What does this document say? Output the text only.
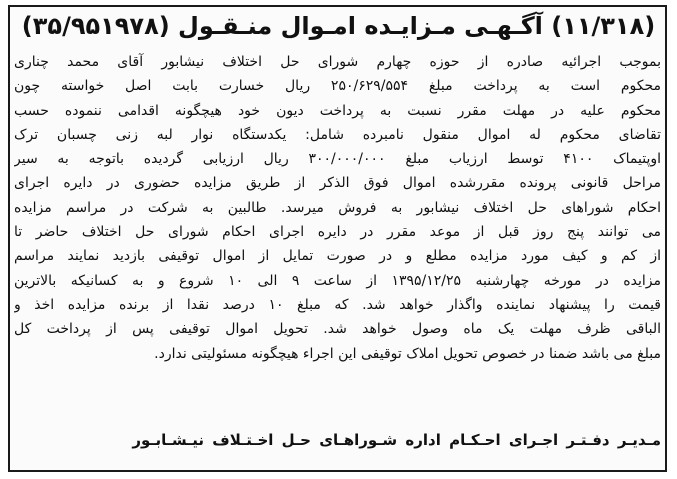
(۱۱/۳۱۸) آگـهـی مـزایـده امـوال منـقـول (۳۵/۹۵۱۹۷۸)
بموجب اجرائیه صادره از حوزه چهارم شورای حل اختلاف نیشابور آقای محمد چناری
محکوم است به پرداخت مبلغ ۲۵۰/۶۲۹/۵۵۴ ریال خسارت بابت اصل خواسته چون
محکوم علیه در مهلت مقرر نسبت به پرداخت دیون خود هیچگونه اقدامی ننموده حسب
تقاضای محکوم له اموال منقول نامبرده شامل: یکدستگاه نوار لبه زنی چسبان ترک
اوپتیماک ۴۱۰۰ توسط ارزیاب مبلغ ۳۰۰/۰۰۰/۰۰۰ ریال ارزیابی گردیده باتوجه به سیر
مراحل قانونی پرونده مقررشده اموال فوق الذکر از طریق مزایده حضوری در دایره اجرای
احکام شوراهای حل اختلاف نیشابور به فروش میرسد. طالبین به شرکت در مراسم مزایده
می توانند پنج روز قبل از موعد مقرر در دایره اجرای احکام شورای حل اختلاف حاضر تا
از کم و کیف مورد مزایده مطلع و در صورت تمایل از اموال توقیفی بازدید نمایند مراسم
مزایده در مورخه چهارشنبه ۱۳۹۵/۱۲/۲۵ از ساعت ۹ الی ۱۰ شروع و به کسانیکه بالاترین
قیمت را پیشنهاد نماینده واگذار خواهد شد. که مبلغ ۱۰ درصد نقدا از برنده مزایده اخذ و
الباقی ظرف مهلت یک ماه وصول خواهد شد. تحویل اموال توقیفی پس از پرداخت کل
مبلغ می باشد ضمنا در خصوص تحویل املاک توقیفی این اجراء هیچگونه مسئولیتی ندارد.
مـدیـر دفـتـر اجـرای احـکـام اداره شـوراهـای حـل اخـتـلاف نیـشـابـور
